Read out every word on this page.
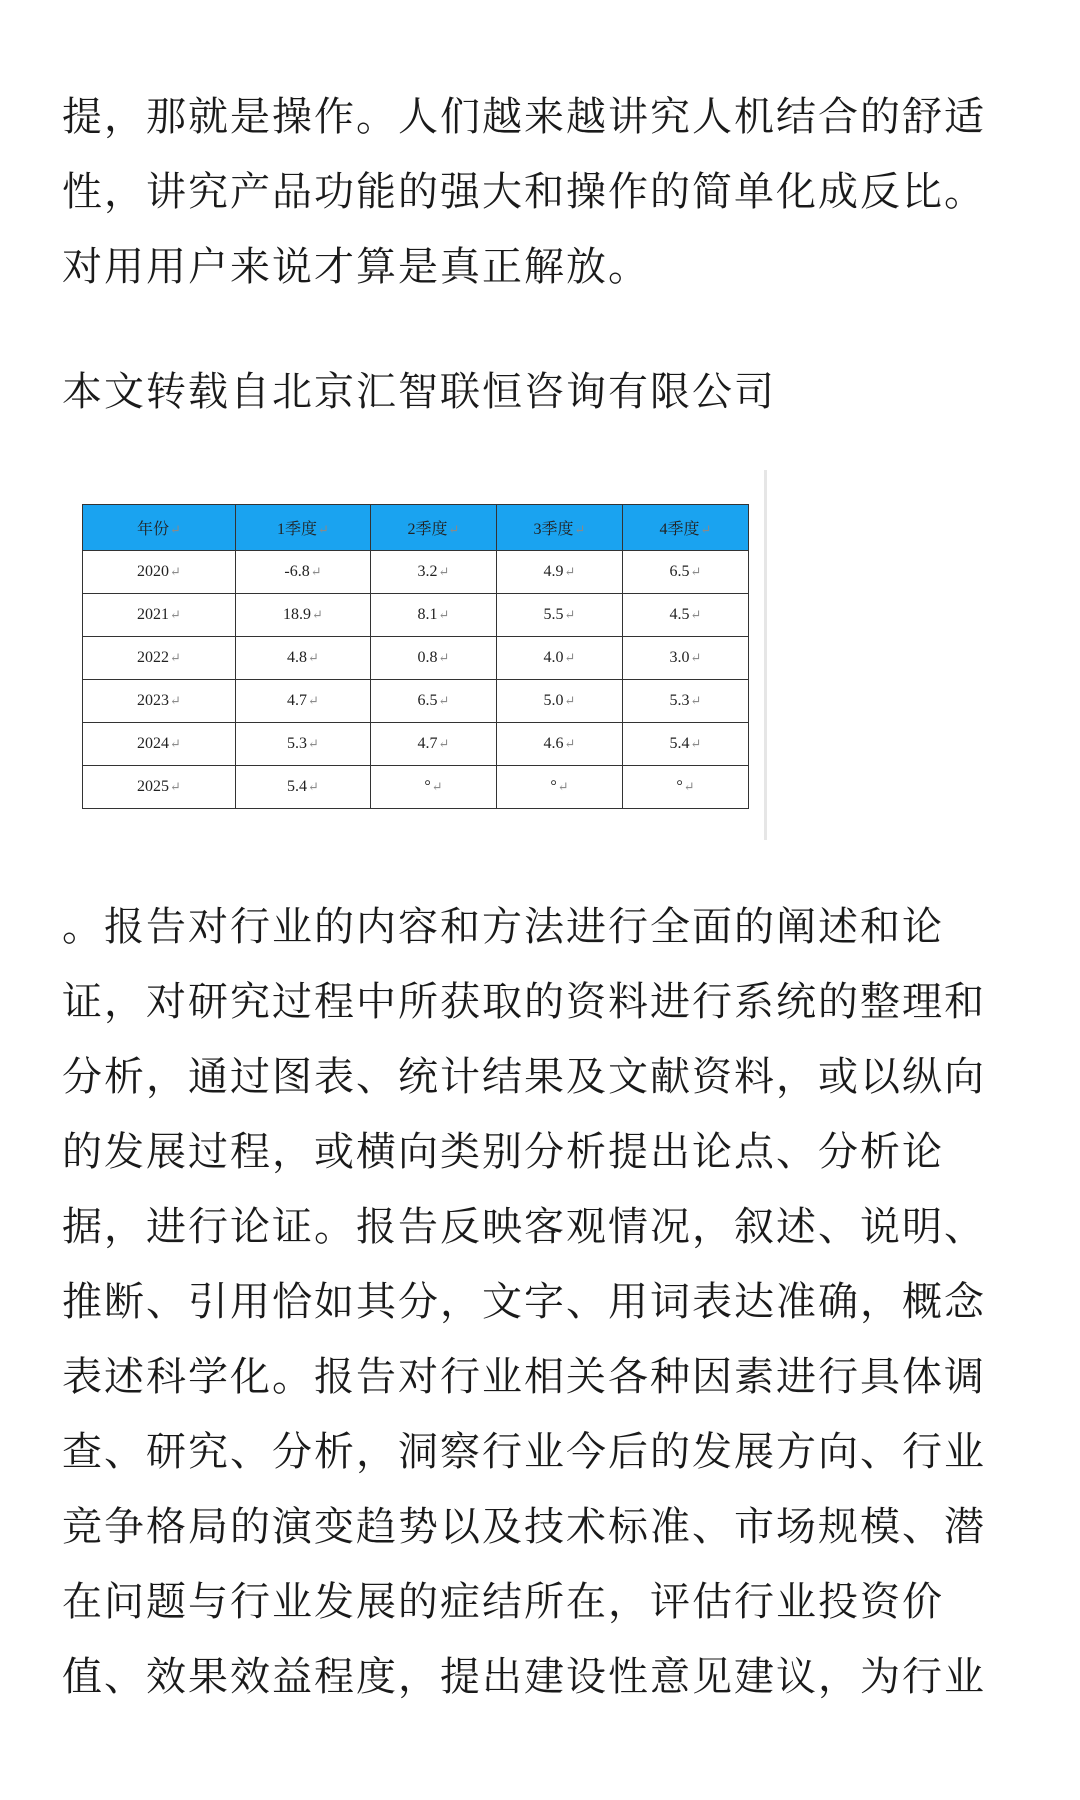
提，那就是操作。人们越来越讲究人机结合的舒适
性，讲究产品功能的强大和操作的简单化成反比。
对用用户来说才算是真正解放。

本文转载自北京汇智联恒咨询有限公司

年份↵	1季度↵	2季度↵	3季度↵	4季度↵
2020↵	-6.8↵	3.2↵	4.9↵	6.5↵
2021↵	18.9↵	8.1↵	5.5↵	4.5↵
2022↵	4.8↵	0.8↵	4.0↵	3.0↵
2023↵	4.7↵	6.5↵	5.0↵	5.3↵
2024↵	5.3↵	4.7↵	4.6↵	5.4↵
2025↵	5.4↵	°↵	°↵	°↵

。报告对行业的内容和方法进行全面的阐述和论
证，对研究过程中所获取的资料进行系统的整理和
分析，通过图表、统计结果及文献资料，或以纵向
的发展过程，或横向类别分析提出论点、分析论
据，进行论证。报告反映客观情况，叙述、说明、
推断、引用恰如其分，文字、用词表达准确，概念
表述科学化。报告对行业相关各种因素进行具体调
查、研究、分析，洞察行业今后的发展方向、行业
竞争格局的演变趋势以及技术标准、市场规模、潜
在问题与行业发展的症结所在，评估行业投资价
值、效果效益程度，提出建设性意见建议，为行业
